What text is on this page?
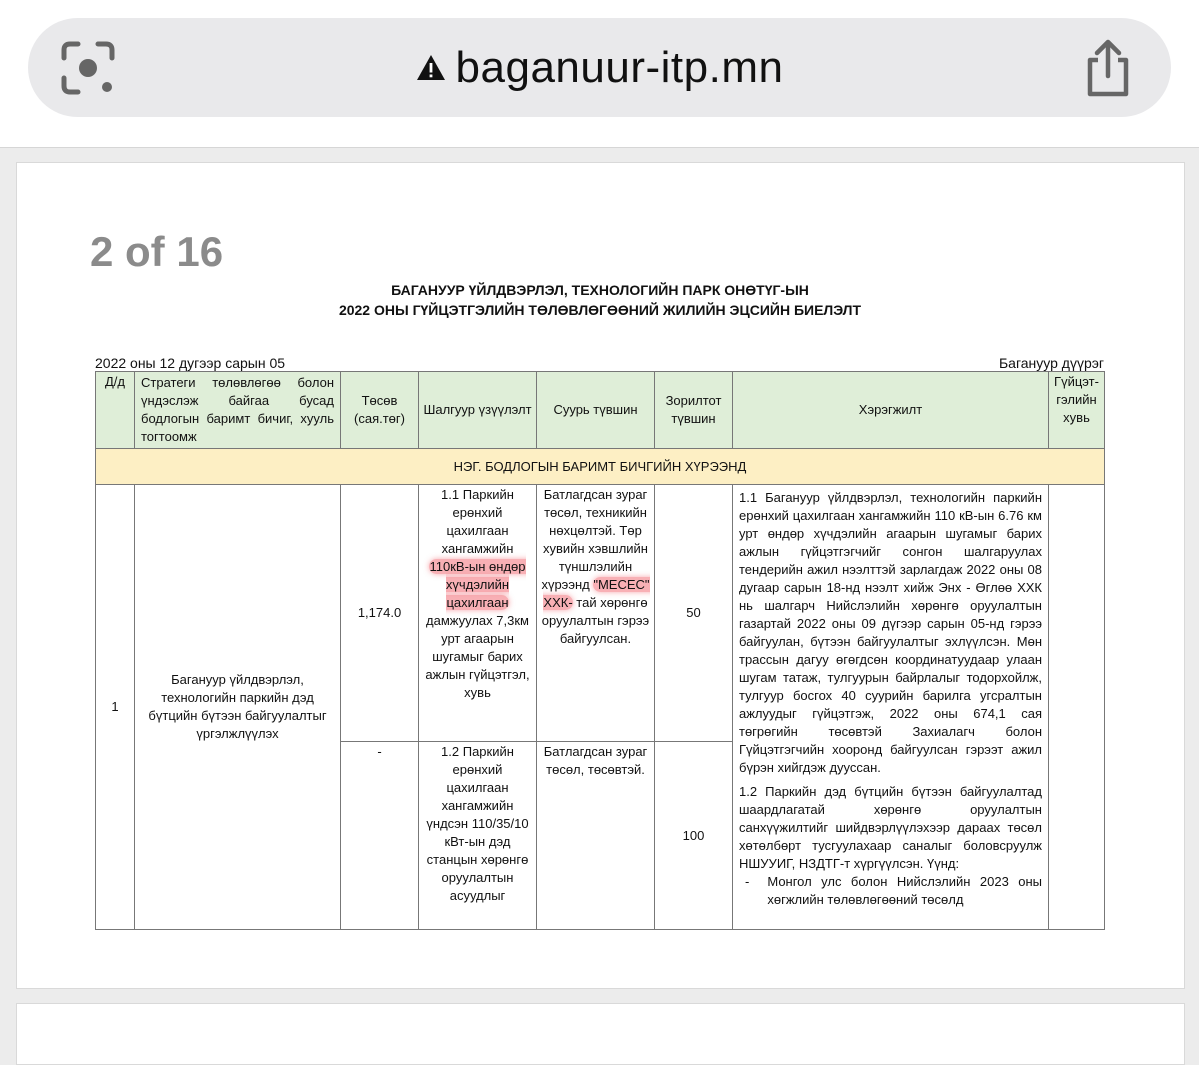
baganuur-itp.mn
2 of 16
БАГАНУУР ҮЙЛДВЭРЛЭЛ, ТЕХНОЛОГИЙН ПАРК ОНӨТҮГ-ЫН
2022 ОНЫ ГҮЙЦЭТГЭЛИЙН ТӨЛӨВЛӨГӨӨНИЙ ЖИЛИЙН ЭЦСИЙН БИЕЛЭЛТ
2022 оны 12 дугээр сарын 05	Багануур дүүрэг
Д/д	Стратеги төлөвлөгөө болон үндэслэж байгаа бусад бодлогын баримт бичиг, хууль тогтоомж	Төсөв (сая.төг)	Шалгуур үзүүлэлт	Суурь түвшин	Зорилтот түвшин	Хэрэгжилт	Гүйцэт-гэлийн хувь
НЭГ. БОДЛОГЫН БАРИМТ БИЧГИЙН ХҮРЭЭНД							
1	Багануур үйлдвэрлэл, технологийн паркийн дэд бүтцийн бүтээн байгуулалтыг үргэлжлүүлэх	1,174.0	1.1 Паркийн ерөнхий цахилгаан хангамжийн 110кВ-ын өндөр хүчдэлийн цахилгаан дамжуулах 7,3км урт агаарын шугамыг барих ажлын гүйцэтгэл, хувь	Батлагдсан зураг төсөл, техникийн нөхцөлтэй. Төр хувийн хэвшлийн түншлэлийн хүрээнд "МЕСЕС" ХХК- тай хөрөнгө оруулалтын гэрээ байгуулсан.	50	1.1 Багануур үйлдвэрлэл, технологийн паркийн ерөнхий цахилгаан хангамжийн 110 кВ-ын 6.76 км урт өндөр хүчдэлийн агаарын шугамыг барих ажлын гүйцэтгэгчийг сонгон шалгаруулах тендерийн ажил нээлттэй зарлагдаж 2022 оны 08 дугаар сарын 18-нд нээлт хийж Энх - Өглөө ХХК нь шалгарч Нийслэлийн хөрөнгө оруулалтын газартай 2022 оны 09 дүгээр сарын 05-нд гэрээ байгуулан, бүтээн байгуулалтыг эхлүүлсэн. Мөн трассын дагуу өгөгдсөн координатуудаар улаан шугам татаж, тулгуурын байрлалыг тодорхойлж, тулгуур босгох 40 суурийн барилга угсралтын ажлуудыг гүйцэтгэж, 2022 оны 674,1 сая төгрөгийн төсөвтэй Захиалагч болон Гүйцэтгэгчийн хооронд байгуулсан гэрээт ажил бүрэн хийгдэж дууссан.
1.2 Паркийн дэд бүтцийн бүтээн байгуулалтад шаардлагатай хөрөнгө оруулалтын санхүүжилтийг шийдвэрлүүлэхээр дараах төсөл хөтөлбөрт тусгуулахаар саналыг боловсруулж НШУУИГ, НЗДТГ-т хүргүүлсэн. Үүнд:
- Монгол улс болон Нийслэлийн 2023 оны хөгжлийн төлөвлөгөөний төсөлд	

		-	1.2 Паркийн ерөнхий цахилгаан хангамжийн үндсэн 110/35/10 кВт-ын дэд станцын хөрөнгө оруулалтын асуудлыг	Батлагдсан зураг төсөл, төсөвтэй.	100		
